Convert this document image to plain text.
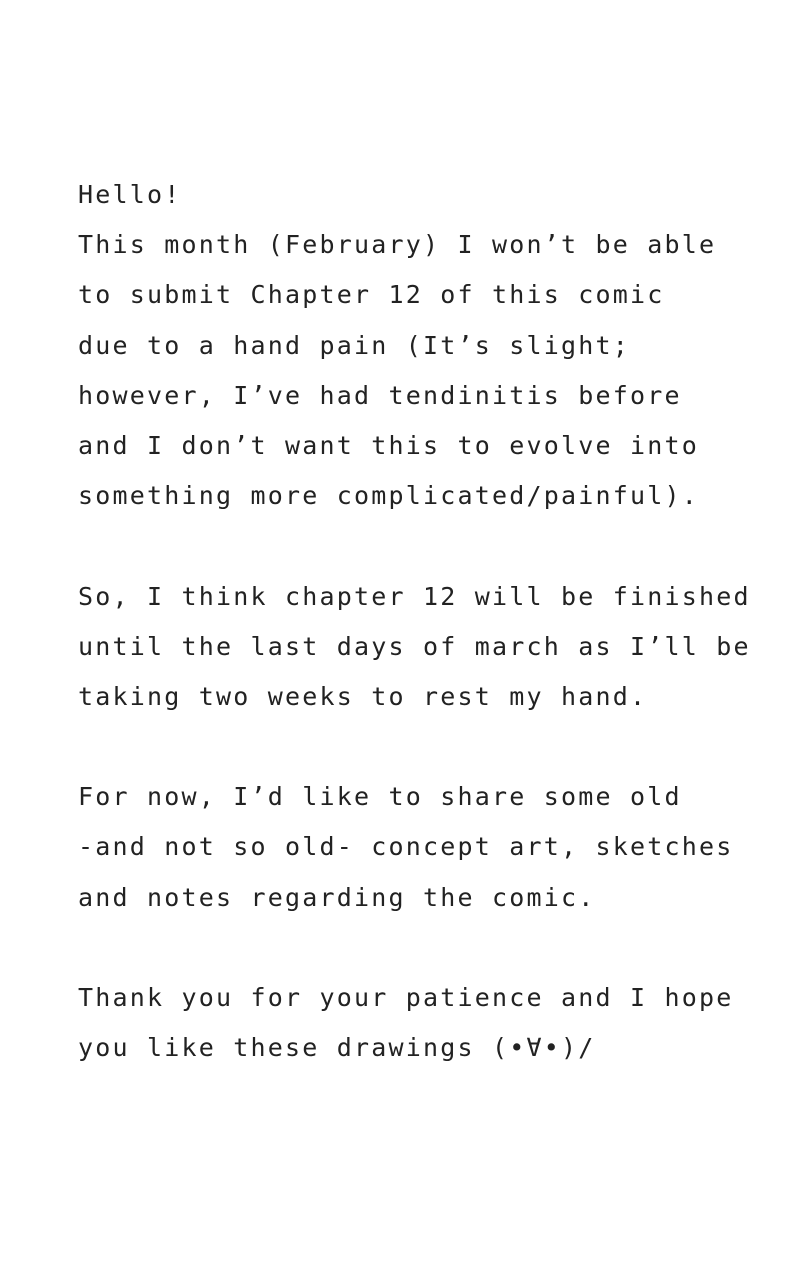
Hello!
This month (February) I won’t be able
to submit Chapter 12 of this comic
due to a hand pain (It’s slight;
however, I’ve had tendinitis before
and I don’t want this to evolve into
something more complicated/painful).
So, I think chapter 12 will be finished
until the last days of march as I’ll be
taking two weeks to rest my hand.
For now, I’d like to share some old
-and not so old- concept art, sketches
and notes regarding the comic.
Thank you for your patience and I hope
you like these drawings (•∀•)/
